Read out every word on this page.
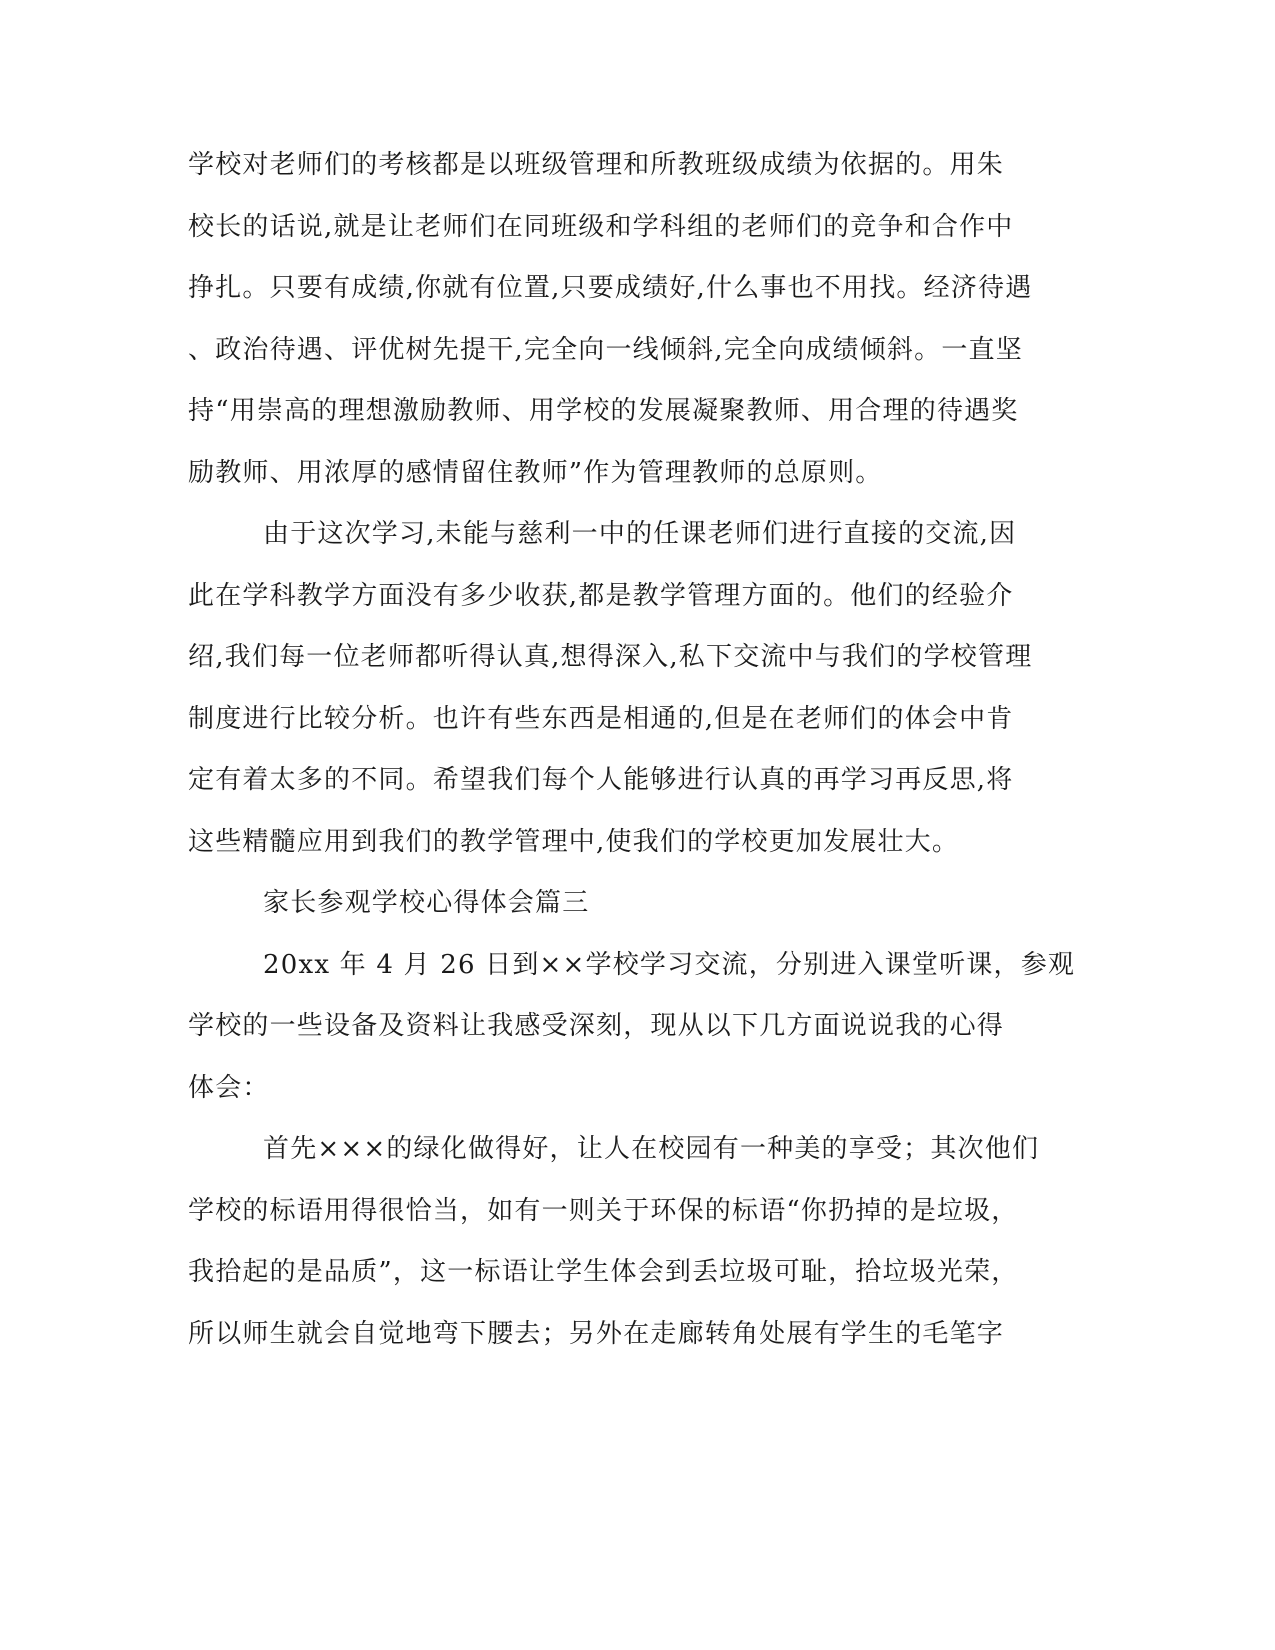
学校对老师们的考核都是以班级管理和所教班级成绩为依据的。用朱
校长的话说,就是让老师们在同班级和学科组的老师们的竞争和合作中
挣扎。只要有成绩,你就有位置,只要成绩好,什么事也不用找。经济待遇
、政治待遇、评优树先提干,完全向一线倾斜,完全向成绩倾斜。一直坚
持“用崇高的理想激励教师、用学校的发展凝聚教师、用合理的待遇奖
励教师、用浓厚的感情留住教师”作为管理教师的总原则。
由于这次学习,未能与慈利一中的任课老师们进行直接的交流,因
此在学科教学方面没有多少收获,都是教学管理方面的。他们的经验介
绍,我们每一位老师都听得认真,想得深入,私下交流中与我们的学校管理
制度进行比较分析。也许有些东西是相通的,但是在老师们的体会中肯
定有着太多的不同。希望我们每个人能够进行认真的再学习再反思,将
这些精髓应用到我们的教学管理中,使我们的学校更加发展壮大。
家长参观学校心得体会篇三
20xx 年 4 月 26 日到××学校学习交流，分别进入课堂听课，参观
学校的一些设备及资料让我感受深刻，现从以下几方面说说我的心得
体会：
首先×××的绿化做得好，让人在校园有一种美的享受；其次他们
学校的标语用得很恰当，如有一则关于环保的标语“你扔掉的是垃圾，
我拾起的是品质”，这一标语让学生体会到丢垃圾可耻，拾垃圾光荣，
所以师生就会自觉地弯下腰去；另外在走廊转角处展有学生的毛笔字
